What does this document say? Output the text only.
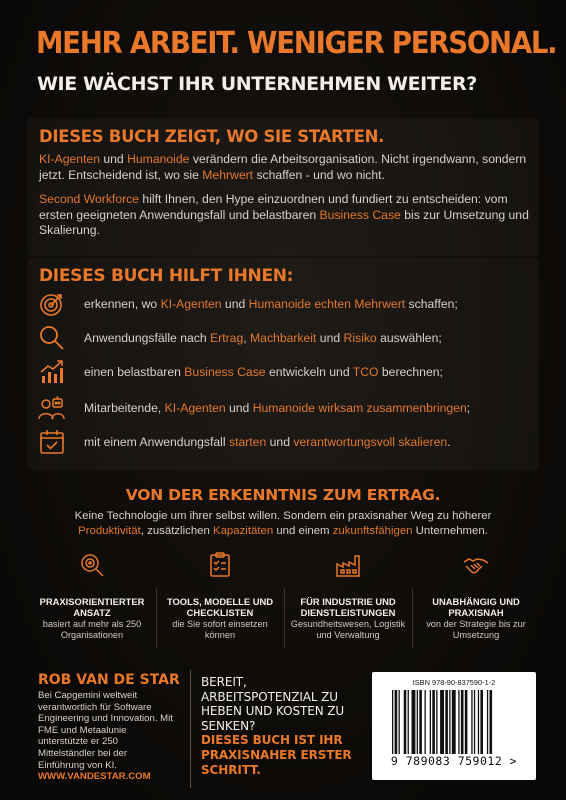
MEHR ARBEIT. WENIGER PERSONAL.
WIE WÄCHST IHR UNTERNEHMEN WEITER?
DIESES BUCH ZEIGT, WO SIE STARTEN.
KI-Agenten und Humanoide verändern die Arbeitsorganisation. Nicht irgendwann, sondern jetzt. Entscheidend ist, wo sie Mehrwert schaffen - und wo nicht.
Second Workforce hilft Ihnen, den Hype einzuordnen und fundiert zu entscheiden: vom ersten geeigneten Anwendungsfall und belastbaren Business Case bis zur Umsetzung und Skalierung.
DIESES BUCH HILFT IHNEN:
erkennen, wo KI-Agenten und Humanoide echten Mehrwert schaffen;
Anwendungsfälle nach Ertrag, Machbarkeit und Risiko auswählen;
einen belastbaren Business Case entwickeln und TCO berechnen;
Mitarbeitende, KI-Agenten und Humanoide wirksam zusammenbringen;
mit einem Anwendungsfall starten und verantwortungsvoll skalieren.
VON DER ERKENNTNIS ZUM ERTRAG.
Keine Technologie um ihrer selbst willen. Sondern ein praxisnaher Weg zu höherer Produktivität, zusätzlichen Kapazitäten und einem zukunftsfähigen Unternehmen.
PRAXISORIENTIERTER
ANSATZ
basiert auf mehr als 250
Organisationen
TOOLS, MODELLE UND
CHECKLISTEN
die Sie sofort einsetzen
können
FÜR INDUSTRIE UND
DIENSTLEISTUNGEN
Gesundheitswesen, Logistik
und Verwaltung
UNABHÄNGIG UND
PRAXISNAH
von der Strategie bis zur
Umsetzung
ROB VAN DE STAR
Bei Capgemini weltweit verantwortlich für Software Engineering und Innovation. Mit FME und Metaalunie unterstützte er 250 Mittelständler bei der Einführung von KI.
WWW.VANDESTAR.COM
BEREIT,
ARBEITSPOTENZIAL ZU
HEBEN UND KOSTEN ZU
SENKEN?
DIESES BUCH IST IHR
PRAXISNAHER ERSTER
SCHRITT.
ISBN 978-90-837590-1-2
9 789083 759012 >
